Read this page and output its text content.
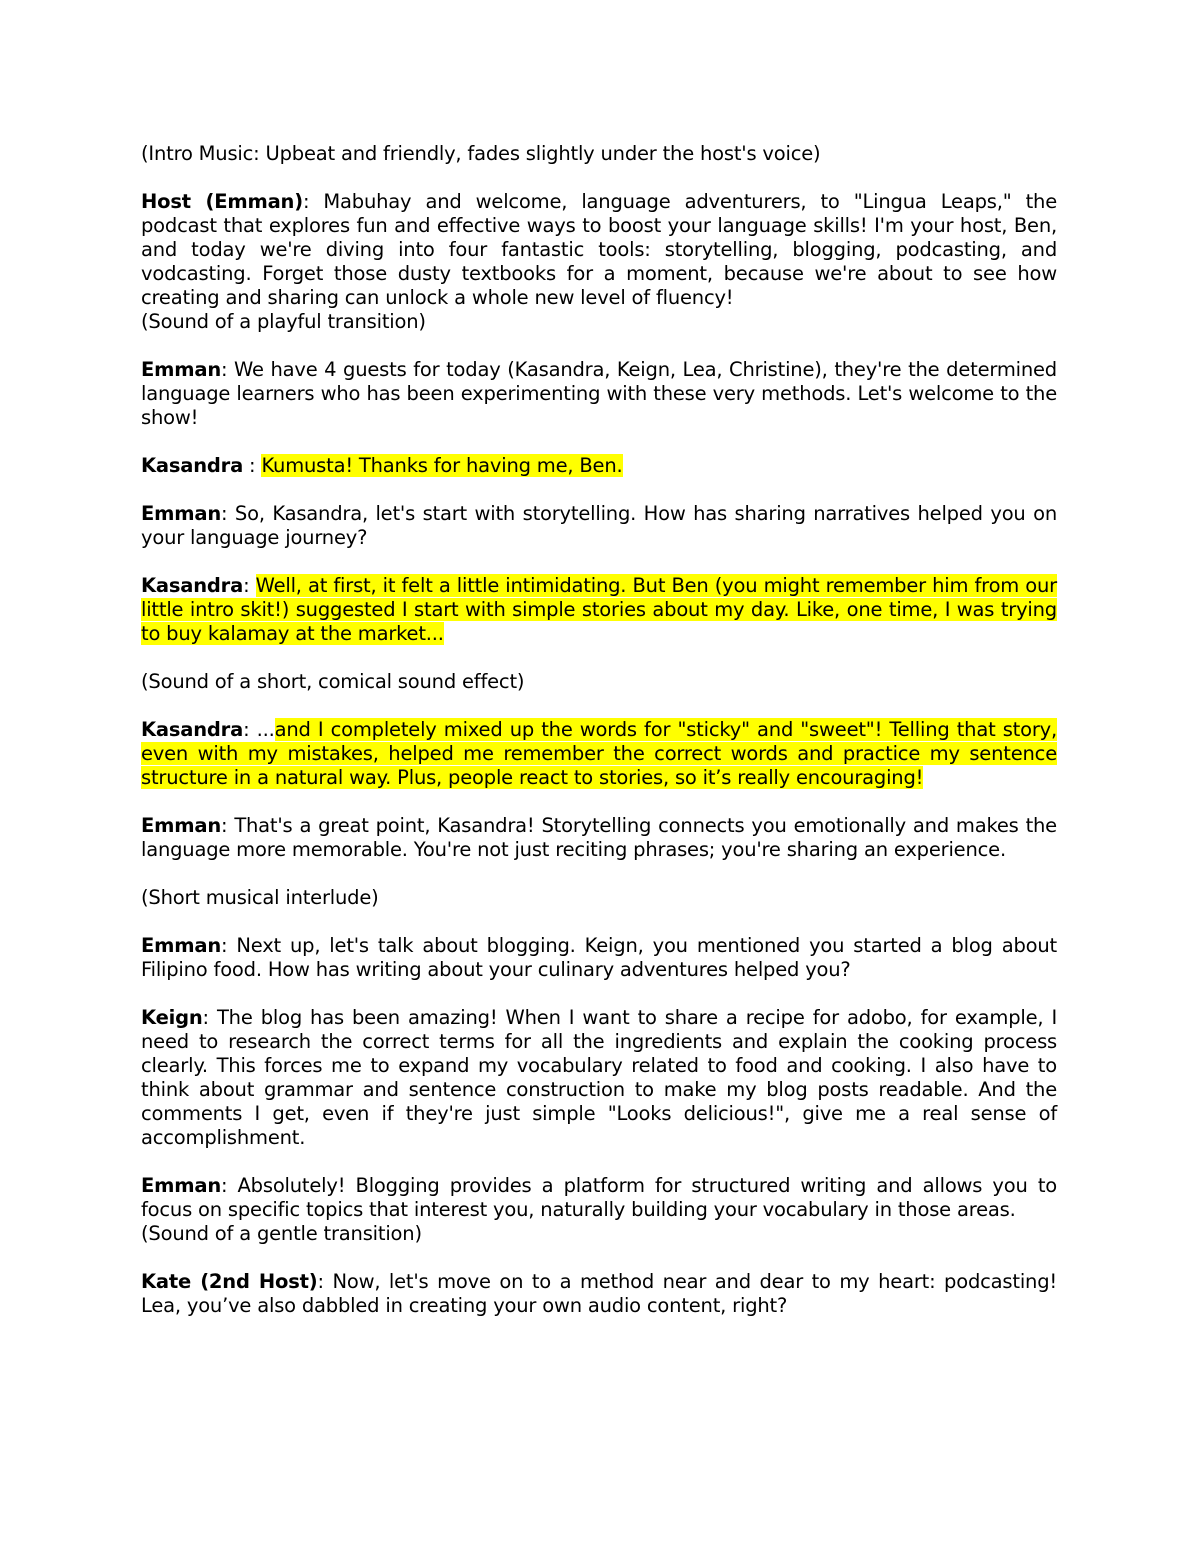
(Intro Music: Upbeat and friendly, fades slightly under the host's voice)

Host (Emman): Mabuhay and welcome, language adventurers, to "Lingua Leaps," the podcast that explores fun and effective ways to boost your language skills! I'm your host, Ben, and today we're diving into four fantastic tools: storytelling, blogging, podcasting, and vodcasting. Forget those dusty textbooks for a moment, because we're about to see how creating and sharing can unlock a whole new level of fluency!
(Sound of a playful transition)

Emman: We have 4 guests for today (Kasandra, Keign, Lea, Christine), they're the determined language learners who has been experimenting with these very methods. Let's welcome to the show!

Kasandra : Kumusta! Thanks for having me, Ben.

Emman: So, Kasandra, let's start with storytelling. How has sharing narratives helped you on your language journey?

Kasandra: Well, at first, it felt a little intimidating. But Ben (you might remember him from our little intro skit!) suggested I start with simple stories about my day. Like, one time, I was trying to buy kalamay at the market...

(Sound of a short, comical sound effect)

Kasandra: ...and I completely mixed up the words for "sticky" and "sweet"! Telling that story, even with my mistakes, helped me remember the correct words and practice my sentence structure in a natural way. Plus, people react to stories, so it’s really encouraging!

Emman: That's a great point, Kasandra! Storytelling connects you emotionally and makes the language more memorable. You're not just reciting phrases; you're sharing an experience.

(Short musical interlude)

Emman: Next up, let's talk about blogging. Keign, you mentioned you started a blog about Filipino food. How has writing about your culinary adventures helped you?

Keign: The blog has been amazing! When I want to share a recipe for adobo, for example, I need to research the correct terms for all the ingredients and explain the cooking process clearly. This forces me to expand my vocabulary related to food and cooking. I also have to think about grammar and sentence construction to make my blog posts readable. And the comments I get, even if they're just simple "Looks delicious!", give me a real sense of accomplishment.

Emman: Absolutely! Blogging provides a platform for structured writing and allows you to focus on specific topics that interest you, naturally building your vocabulary in those areas.
(Sound of a gentle transition)

Kate (2nd Host): Now, let's move on to a method near and dear to my heart: podcasting! Lea, you’ve also dabbled in creating your own audio content, right?
